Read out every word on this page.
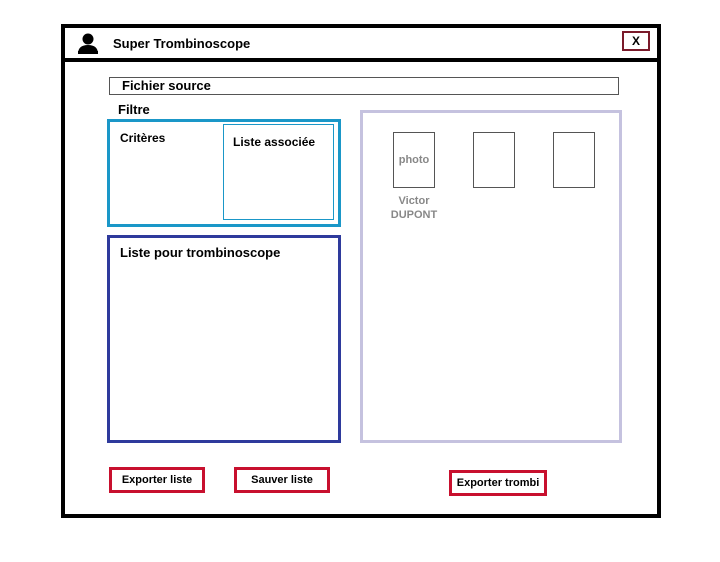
Super Trombinoscope	X
Fichier source
Filtre
Critères	Liste associée
Liste pour trombinoscope
photo
Victor
DUPONT
Exporter liste	Sauver liste	Exporter trombi
